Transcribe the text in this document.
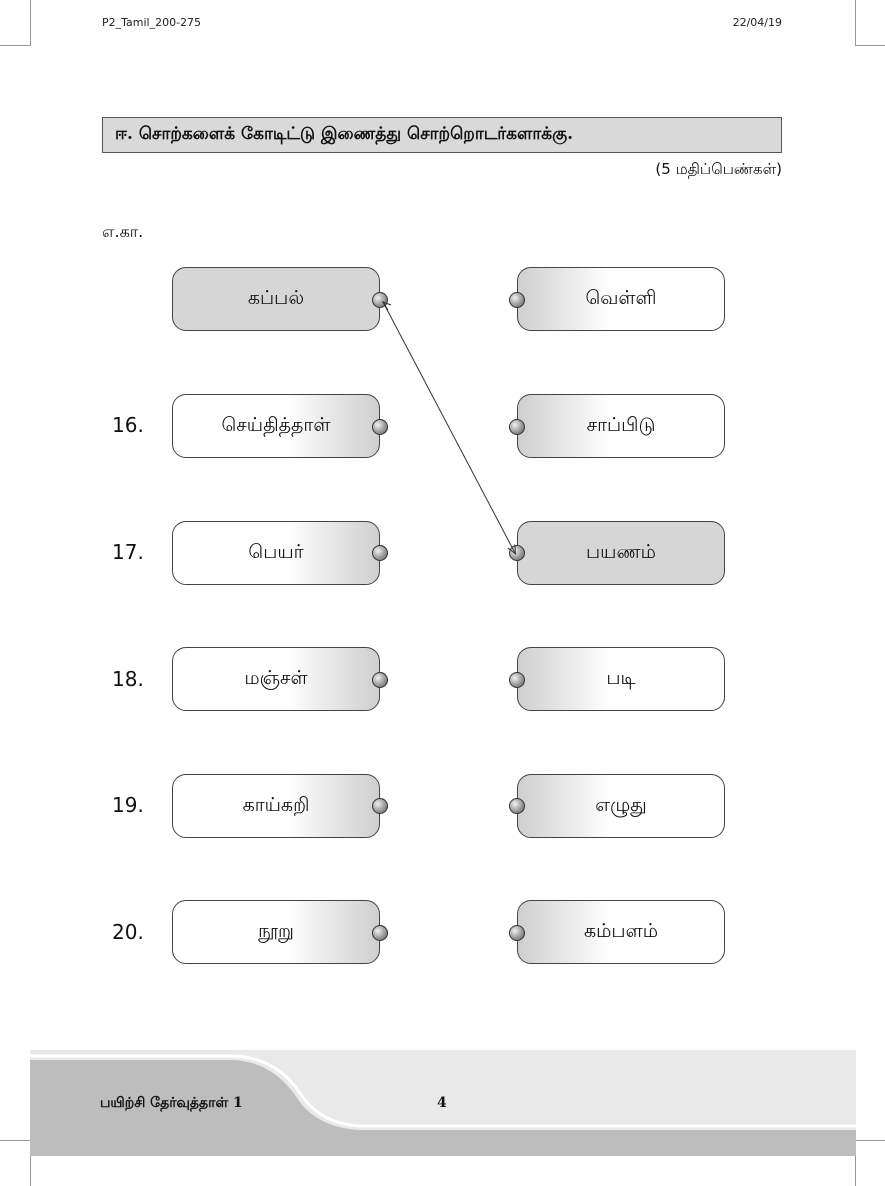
P2_Tamil_200-275	22/04/19
ஈ. சொற்களைக் கோடிட்டு இணைத்து சொற்றொடர்களாக்கு.
(5 மதிப்பெண்கள்)
எ.கா.
கப்பல்	வெள்ளி
16.	செய்தித்தாள்	சாப்பிடு
17.	பெயர்	பயணம்
18.	மஞ்சள்	படி
19.	காய்கறி	எழுது
20.	நூறு	கம்பளம்
பயிற்சி தேர்வுத்தாள் 1	4
